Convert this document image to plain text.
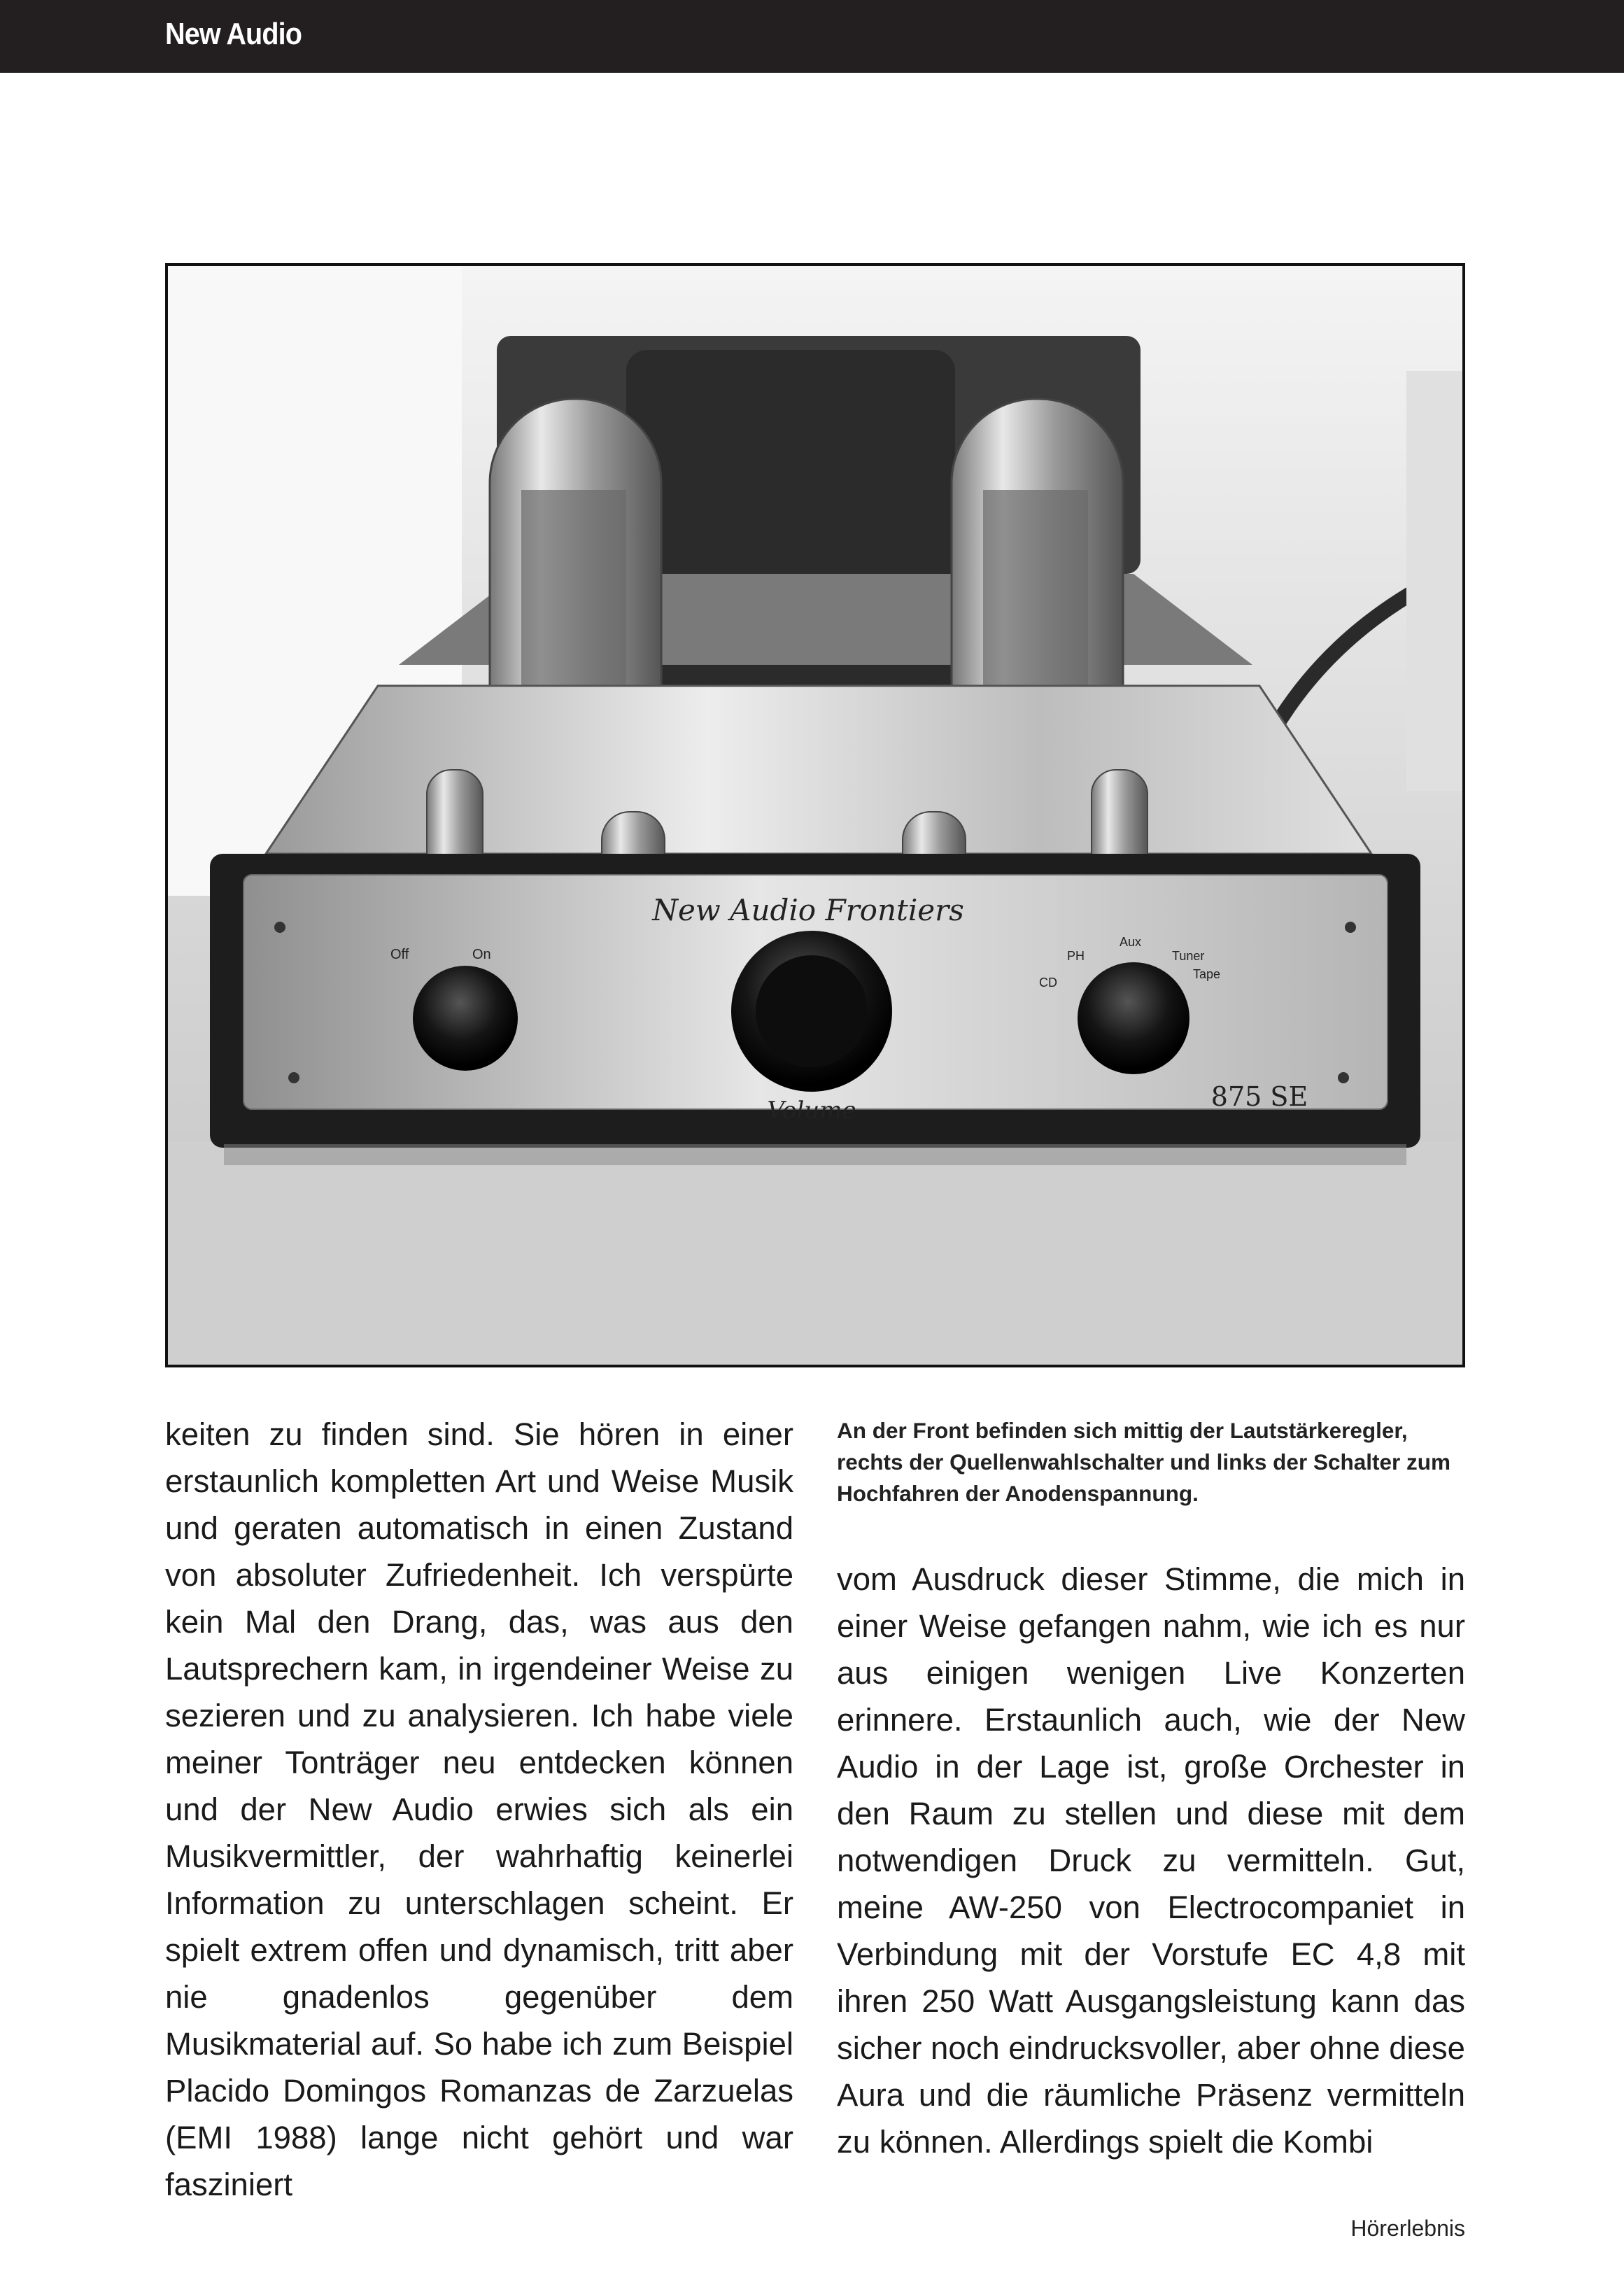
New Audio
New Audio Frontiers
Off	On
Volume	875 SE
CD
PH
Aux
Tuner
Tape

keiten zu finden sind. Sie hören in einer erstaunlich kompletten Art und Weise Musik und geraten automatisch in einen Zustand von absoluter Zufriedenheit. Ich verspürte kein Mal den Drang, das, was aus den Lautsprechern kam, in irgendeiner Weise zu sezieren und zu analysieren. Ich habe viele meiner Tonträger neu entdecken können und der New Audio erwies sich als ein Musikvermittler, der wahrhaftig keinerlei Information zu unterschlagen scheint. Er spielt extrem offen und dynamisch, tritt aber nie gnadenlos gegenüber dem Musikmaterial auf. So habe ich zum Beispiel Placido Domingos Romanzas de Zarzuelas (EMI 1988) lange nicht gehört und war fasziniert

An der Front befinden sich mittig der Lautstärkeregler, rechts der Quellenwahlschalter und links der Schalter zum Hochfahren der Anodenspannung.

vom Ausdruck dieser Stimme, die mich in einer Weise gefangen nahm, wie ich es nur aus einigen wenigen Live Konzerten erinnere. Erstaunlich auch, wie der New Audio in der Lage ist, große Orchester in den Raum zu stellen und diese mit dem notwendigen Druck zu vermitteln. Gut, meine AW-250 von Electrocompaniet in Verbindung mit der Vorstufe EC 4,8 mit ihren 250 Watt Ausgangsleistung kann das sicher noch eindrucksvoller, aber ohne diese Aura und die räumliche Präsenz vermitteln zu können. Allerdings spielt die Kombi

Hörerlebnis
